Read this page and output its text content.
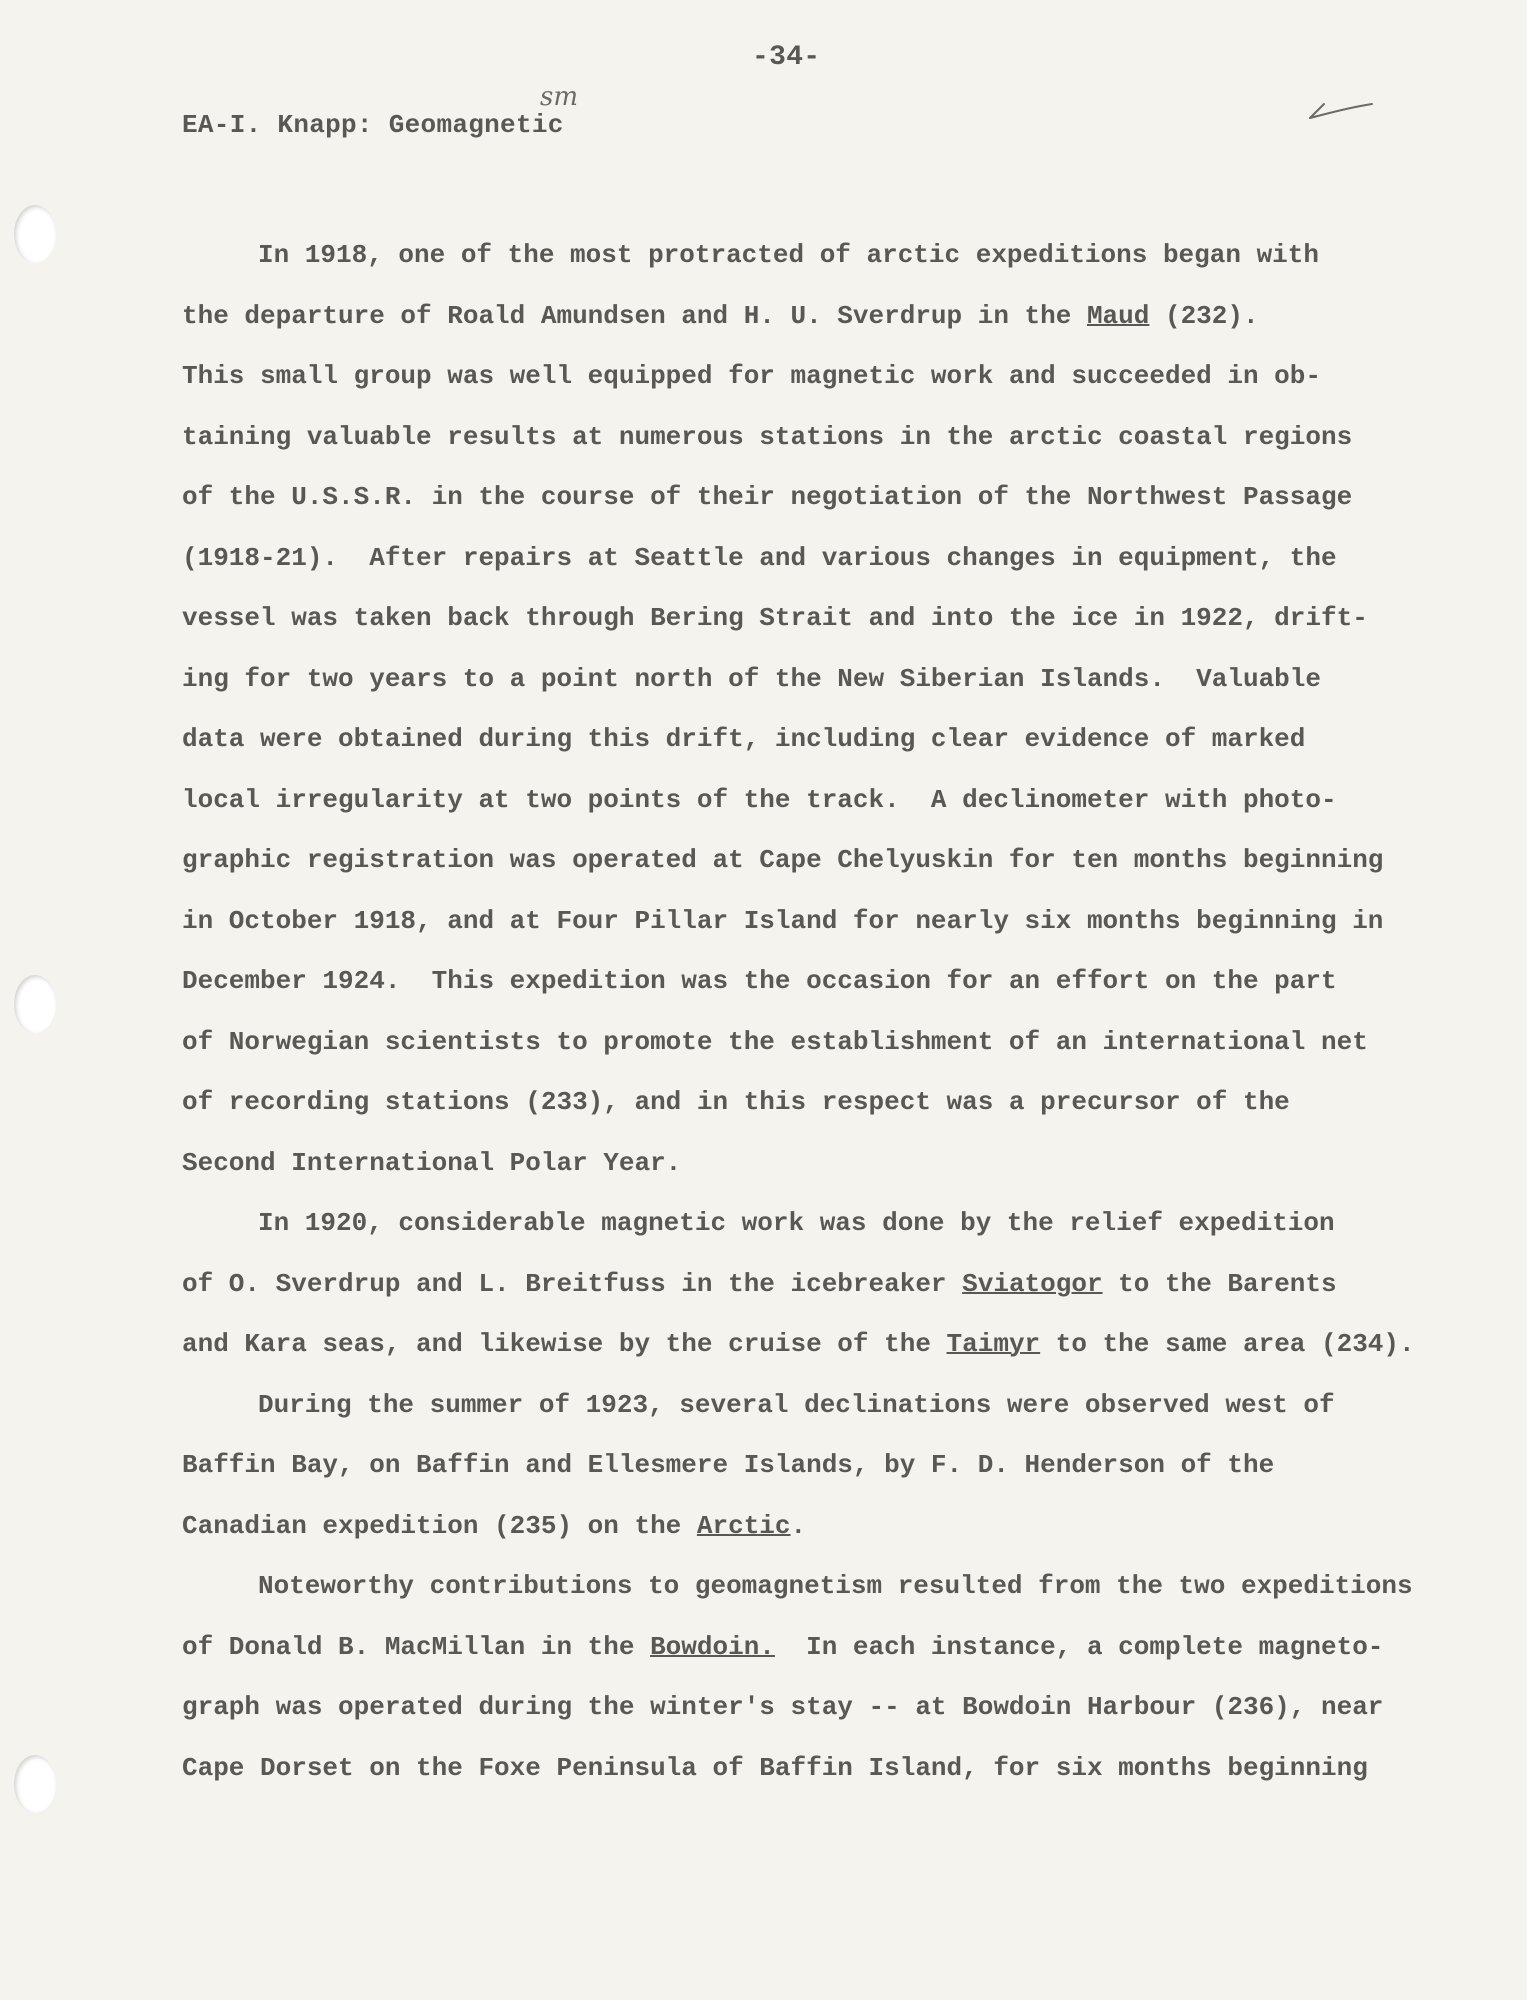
-34-
EA-I. Knapp: Geomagnetic
sm
In 1918, one of the most protracted of arctic expeditions began with
the departure of Roald Amundsen and H. U. Sverdrup in the Maud (232).
This small group was well equipped for magnetic work and succeeded in ob-
taining valuable results at numerous stations in the arctic coastal regions
of the U.S.S.R. in the course of their negotiation of the Northwest Passage
(1918-21).  After repairs at Seattle and various changes in equipment, the
vessel was taken back through Bering Strait and into the ice in 1922, drift-
ing for two years to a point north of the New Siberian Islands.  Valuable
data were obtained during this drift, including clear evidence of marked
local irregularity at two points of the track.  A declinometer with photo-
graphic registration was operated at Cape Chelyuskin for ten months beginning
in October 1918, and at Four Pillar Island for nearly six months beginning in
December 1924.  This expedition was the occasion for an effort on the part
of Norwegian scientists to promote the establishment of an international net
of recording stations (233), and in this respect was a precursor of the
Second International Polar Year.
In 1920, considerable magnetic work was done by the relief expedition
of O. Sverdrup and L. Breitfuss in the icebreaker Sviatogor to the Barents
and Kara seas, and likewise by the cruise of the Taimyr to the same area (234).
During the summer of 1923, several declinations were observed west of
Baffin Bay, on Baffin and Ellesmere Islands, by F. D. Henderson of the
Canadian expedition (235) on the Arctic.
Noteworthy contributions to geomagnetism resulted from the two expeditions
of Donald B. MacMillan in the Bowdoin.  In each instance, a complete magneto-
graph was operated during the winter's stay -- at Bowdoin Harbour (236), near
Cape Dorset on the Foxe Peninsula of Baffin Island, for six months beginning
